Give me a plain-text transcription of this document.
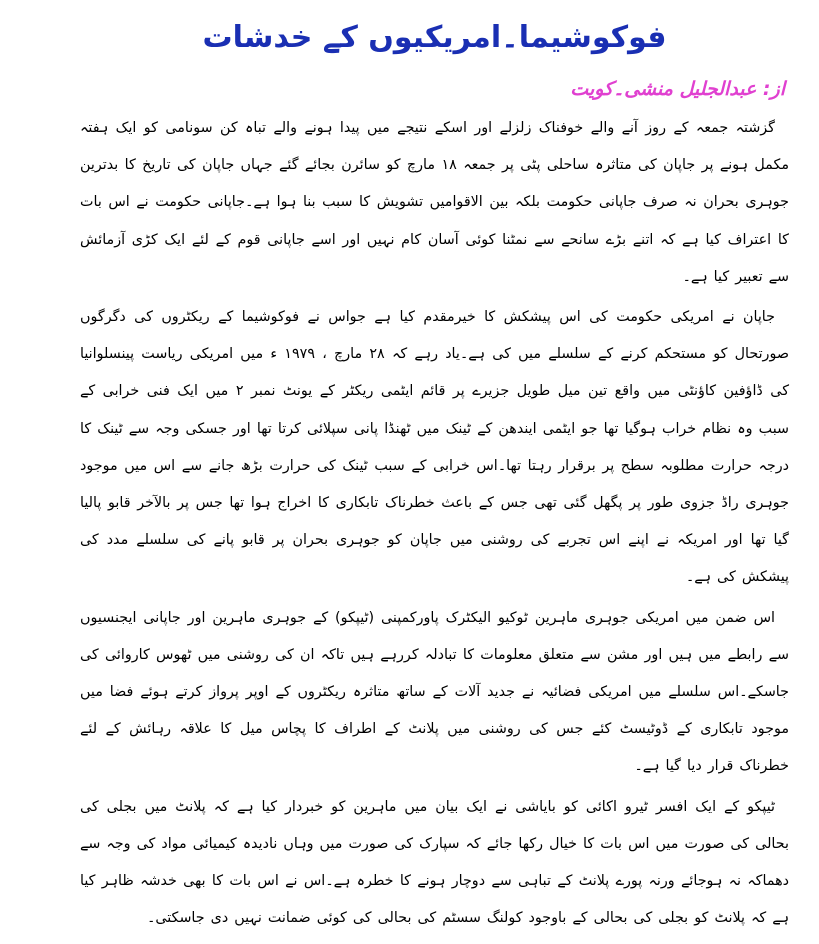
فوکوشیما۔امریکیوں کے خدشات
از: عبدالجلیل منشی۔کویت

گزشتہ جمعہ کے روز آنے والے خوفناک زلزلے اور اسکے نتیجے میں پیدا ہونے والے تباہ کن سونامی کو ایک ہفتہ مکمل ہونے پر جاپان کی متاثرہ ساحلی پٹی پر جمعہ ۱۸ مارچ کو سائرن بجائے گئے جہاں جاپان کی تاریخ کا بدترین جوہری بحران نہ صرف جاپانی حکومت بلکہ بین الاقوامیں تشویش کا سبب بنا ہوا ہے۔جاپانی حکومت نے اس بات کا اعتراف کیا ہے کہ اتنے بڑے سانحے سے نمٹنا کوئی آسان کام نہیں اور اسے جاپانی قوم کے لئے ایک کڑی آزمائش سے تعبیر کیا ہے۔

جاپان نے امریکی حکومت کی اس پیشکش کا خیرمقدم کیا ہے جواس نے فوکوشیما کے ریکٹروں کی دگرگوں صورتحال کو مستحکم کرنے کے سلسلے میں کی ہے۔یاد رہے کہ ۲۸ مارچ ، ۱۹۷۹ ء میں امریکی ریاست پینسلوانیا کی ڈاؤفین کاؤنٹی میں واقع تین میل طویل جزیرے پر قائم ایٹمی ریکٹر کے یونٹ نمبر ۲ میں ایک فنی خرابی کے سبب وہ نظام خراب ہوگیا تھا جو ایٹمی ایندھن کے ٹینک میں ٹھنڈا پانی سپلائی کرتا تھا اور جسکی وجہ سے ٹینک کا درجہ حرارت مطلوبہ سطح پر برقرار رہتا تھا۔اس خرابی کے سبب ٹینک کی حرارت بڑھ جانے سے اس میں موجود جوہری راڈ جزوی طور پر پگھل گئی تھی جس کے باعث خطرناک تابکاری کا اخراج ہوا تھا جس پر بالآخر قابو پالیا گیا تھا اور امریکہ نے اپنے اس تجربے کی روشنی میں جاپان کو جوہری بحران پر قابو پانے کی سلسلے مدد کی پیشکش کی ہے۔

اس ضمن میں امریکی جوہری ماہرین ٹوکیو الیکٹرک پاورکمپنی (ٹیپکو) کے جوہری ماہرین اور جاپانی ایجنسیوں سے رابطے میں ہیں اور مشن سے متعلق معلومات کا تبادلہ کررہے ہیں تاکہ ان کی روشنی میں ٹھوس کاروائی کی جاسکے۔اس سلسلے میں امریکی فضائیہ نے جدید آلات کے ساتھ متاثرہ ریکٹروں کے اوپر پرواز کرتے ہوئے فضا میں موجود تابکاری کے ڈوٹیسٹ کئے جس کی روشنی میں پلانٹ کے اطراف کا پچاس میل کا علاقہ رہائش کے لئے خطرناک قرار دیا گیا ہے۔

ٹیپکو کے ایک افسر ٹیرو اکائی کو بایاشی نے ایک بیان میں ماہرین کو خبردار کیا ہے کہ پلانٹ میں بجلی کی بحالی کی صورت میں اس بات کا خیال رکھا جائے کہ سپارک کی صورت میں وہاں نادیدہ کیمیائی مواد کی وجہ سے دھماکہ نہ ہوجائے ورنہ پورے پلانٹ کے تباہی سے دوچار ہونے کا خطرہ ہے۔اس نے اس بات کا بھی خدشہ ظاہر کیا ہے کہ پلانٹ کو بجلی کی بحالی کے باوجود کولنگ سسٹم کی بحالی کی کوئی ضمانت نہیں دی جاسکتی۔
